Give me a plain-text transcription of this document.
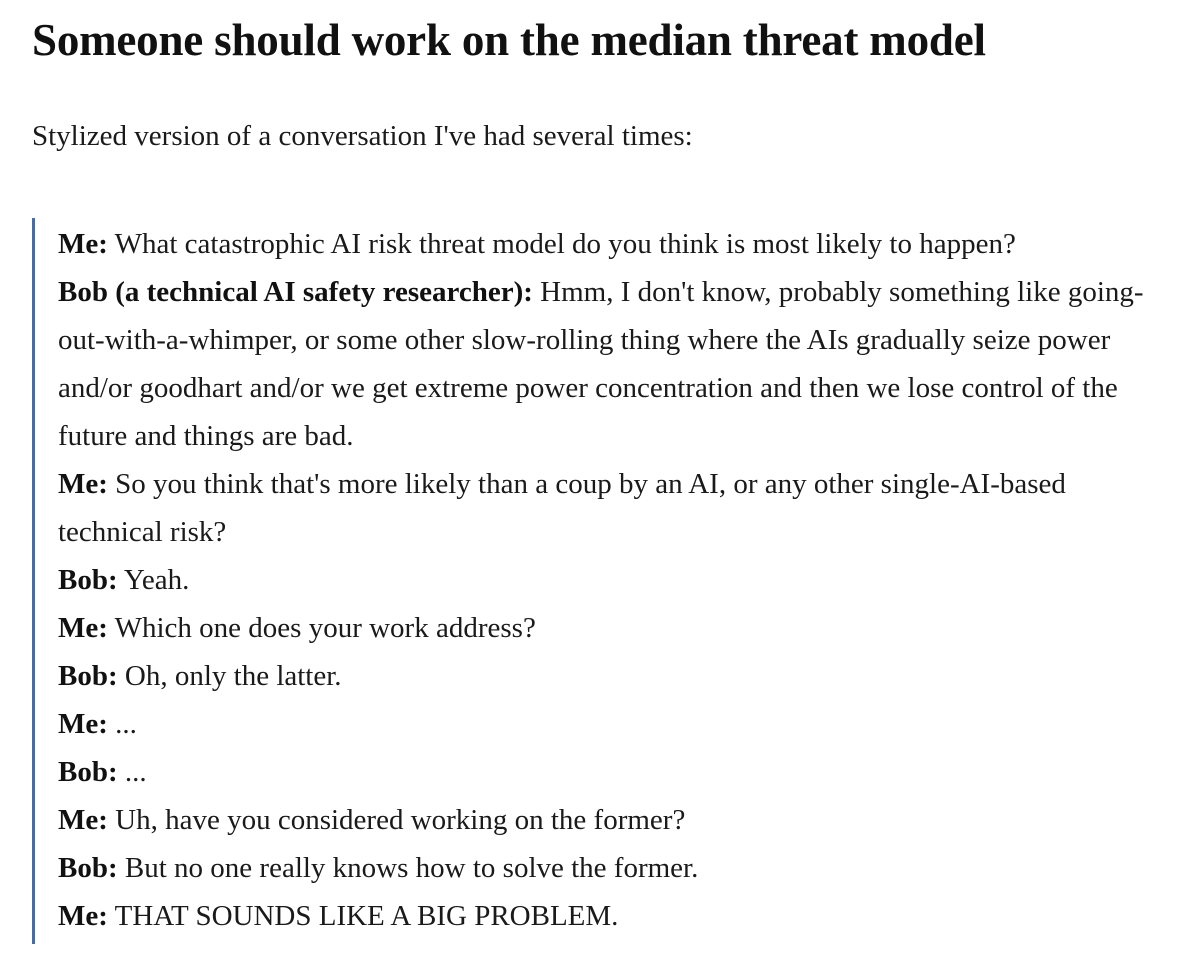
Someone should work on the median threat model

Stylized version of a conversation I've had several times:

Me: What catastrophic AI risk threat model do you think is most likely to happen?

Bob (a technical AI safety researcher): Hmm, I don't know, probably something like going-out-with-a-whimper, or some other slow-rolling thing where the AIs gradually seize power and/or goodhart and/or we get extreme power concentration and then we lose control of the future and things are bad.

Me: So you think that's more likely than a coup by an AI, or any other single-AI-based technical risk?

Bob: Yeah.

Me: Which one does your work address?

Bob: Oh, only the latter.

Me: ...

Bob: ...

Me: Uh, have you considered working on the former?

Bob: But no one really knows how to solve the former.

Me: THAT SOUNDS LIKE A BIG PROBLEM.
